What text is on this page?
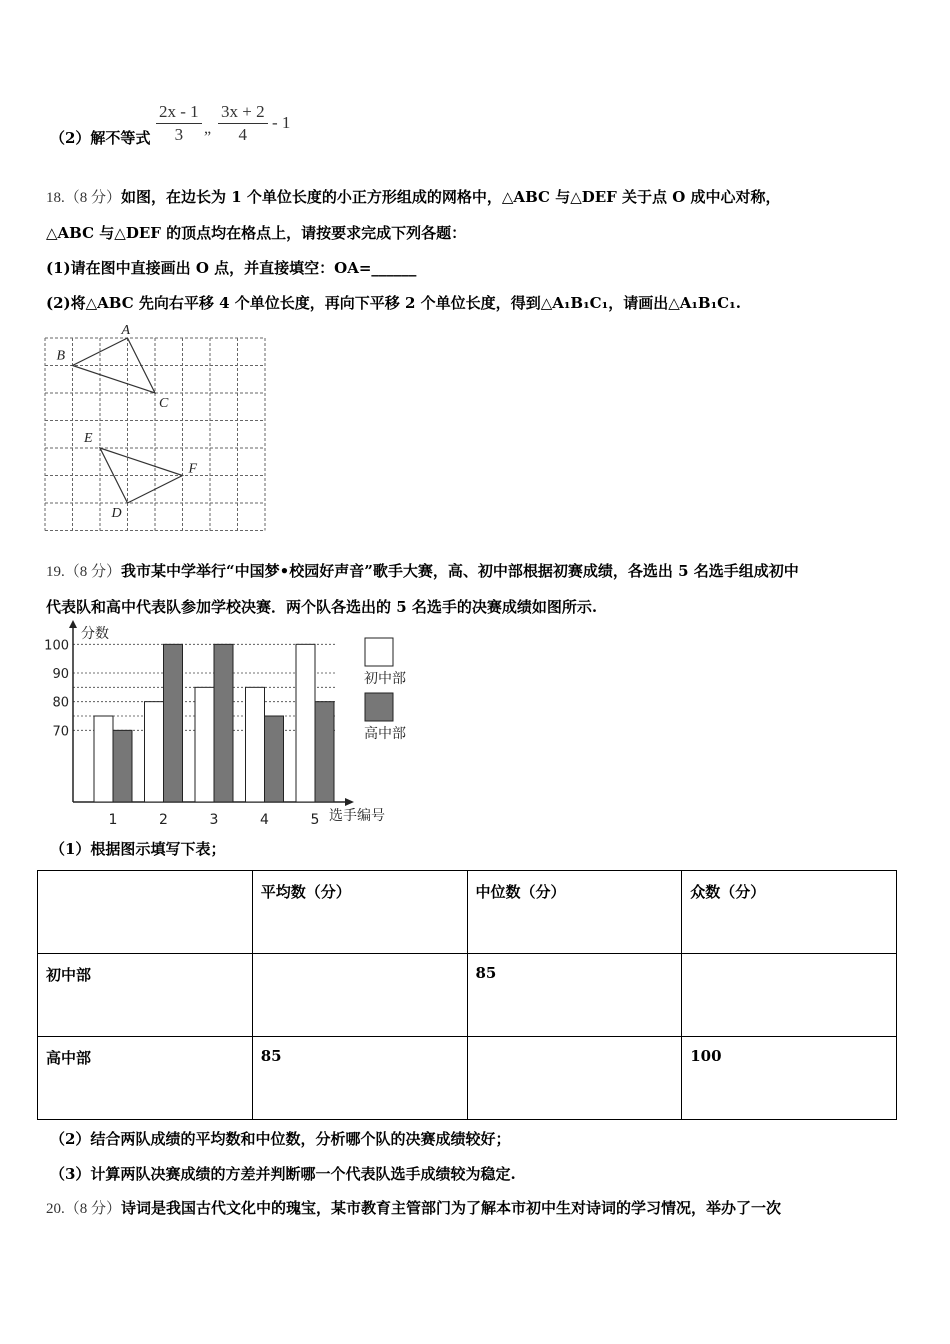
（2）解不等式 $\frac{2x - 1}{3}$ „ $\frac{3x + 2}{4} - 1$
18.（8 分）如图，在边长为 1 个单位长度的小正方形组成的网格中，△ABC 与△DEF 关于点 O 成中心对称，
△ABC 与△DEF 的顶点均在格点上，请按要求完成下列各题：
(1)请在图中直接画出 O 点，并直接填空：OA=______
(2)将△ABC 先向右平移 4 个单位长度，再向下平移 2 个单位长度，得到△A₁B₁C₁，请画出△A₁B₁C₁.
A
B
C
E
F
D
19.（8 分）我市某中学举行“中国梦•校园好声音”歌手大赛，高、初中部根据初赛成绩，各选出 5 名选手组成初中
代表队和高中代表队参加学校决赛．两个队各选出的 5 名选手的决赛成绩如图所示.
分数
选手编号
70
80
90
100
1	2	3	4	5
初中部
高中部
（1）根据图示填写下表；
	平均数（分）	中位数（分）	众数（分）
初中部		85	
高中部	85		100
（2）结合两队成绩的平均数和中位数，分析哪个队的决赛成绩较好；
（3）计算两队决赛成绩的方差并判断哪一个代表队选手成绩较为稳定.
20.（8 分）诗词是我国古代文化中的瑰宝，某市教育主管部门为了解本市初中生对诗词的学习情况，举办了一次
